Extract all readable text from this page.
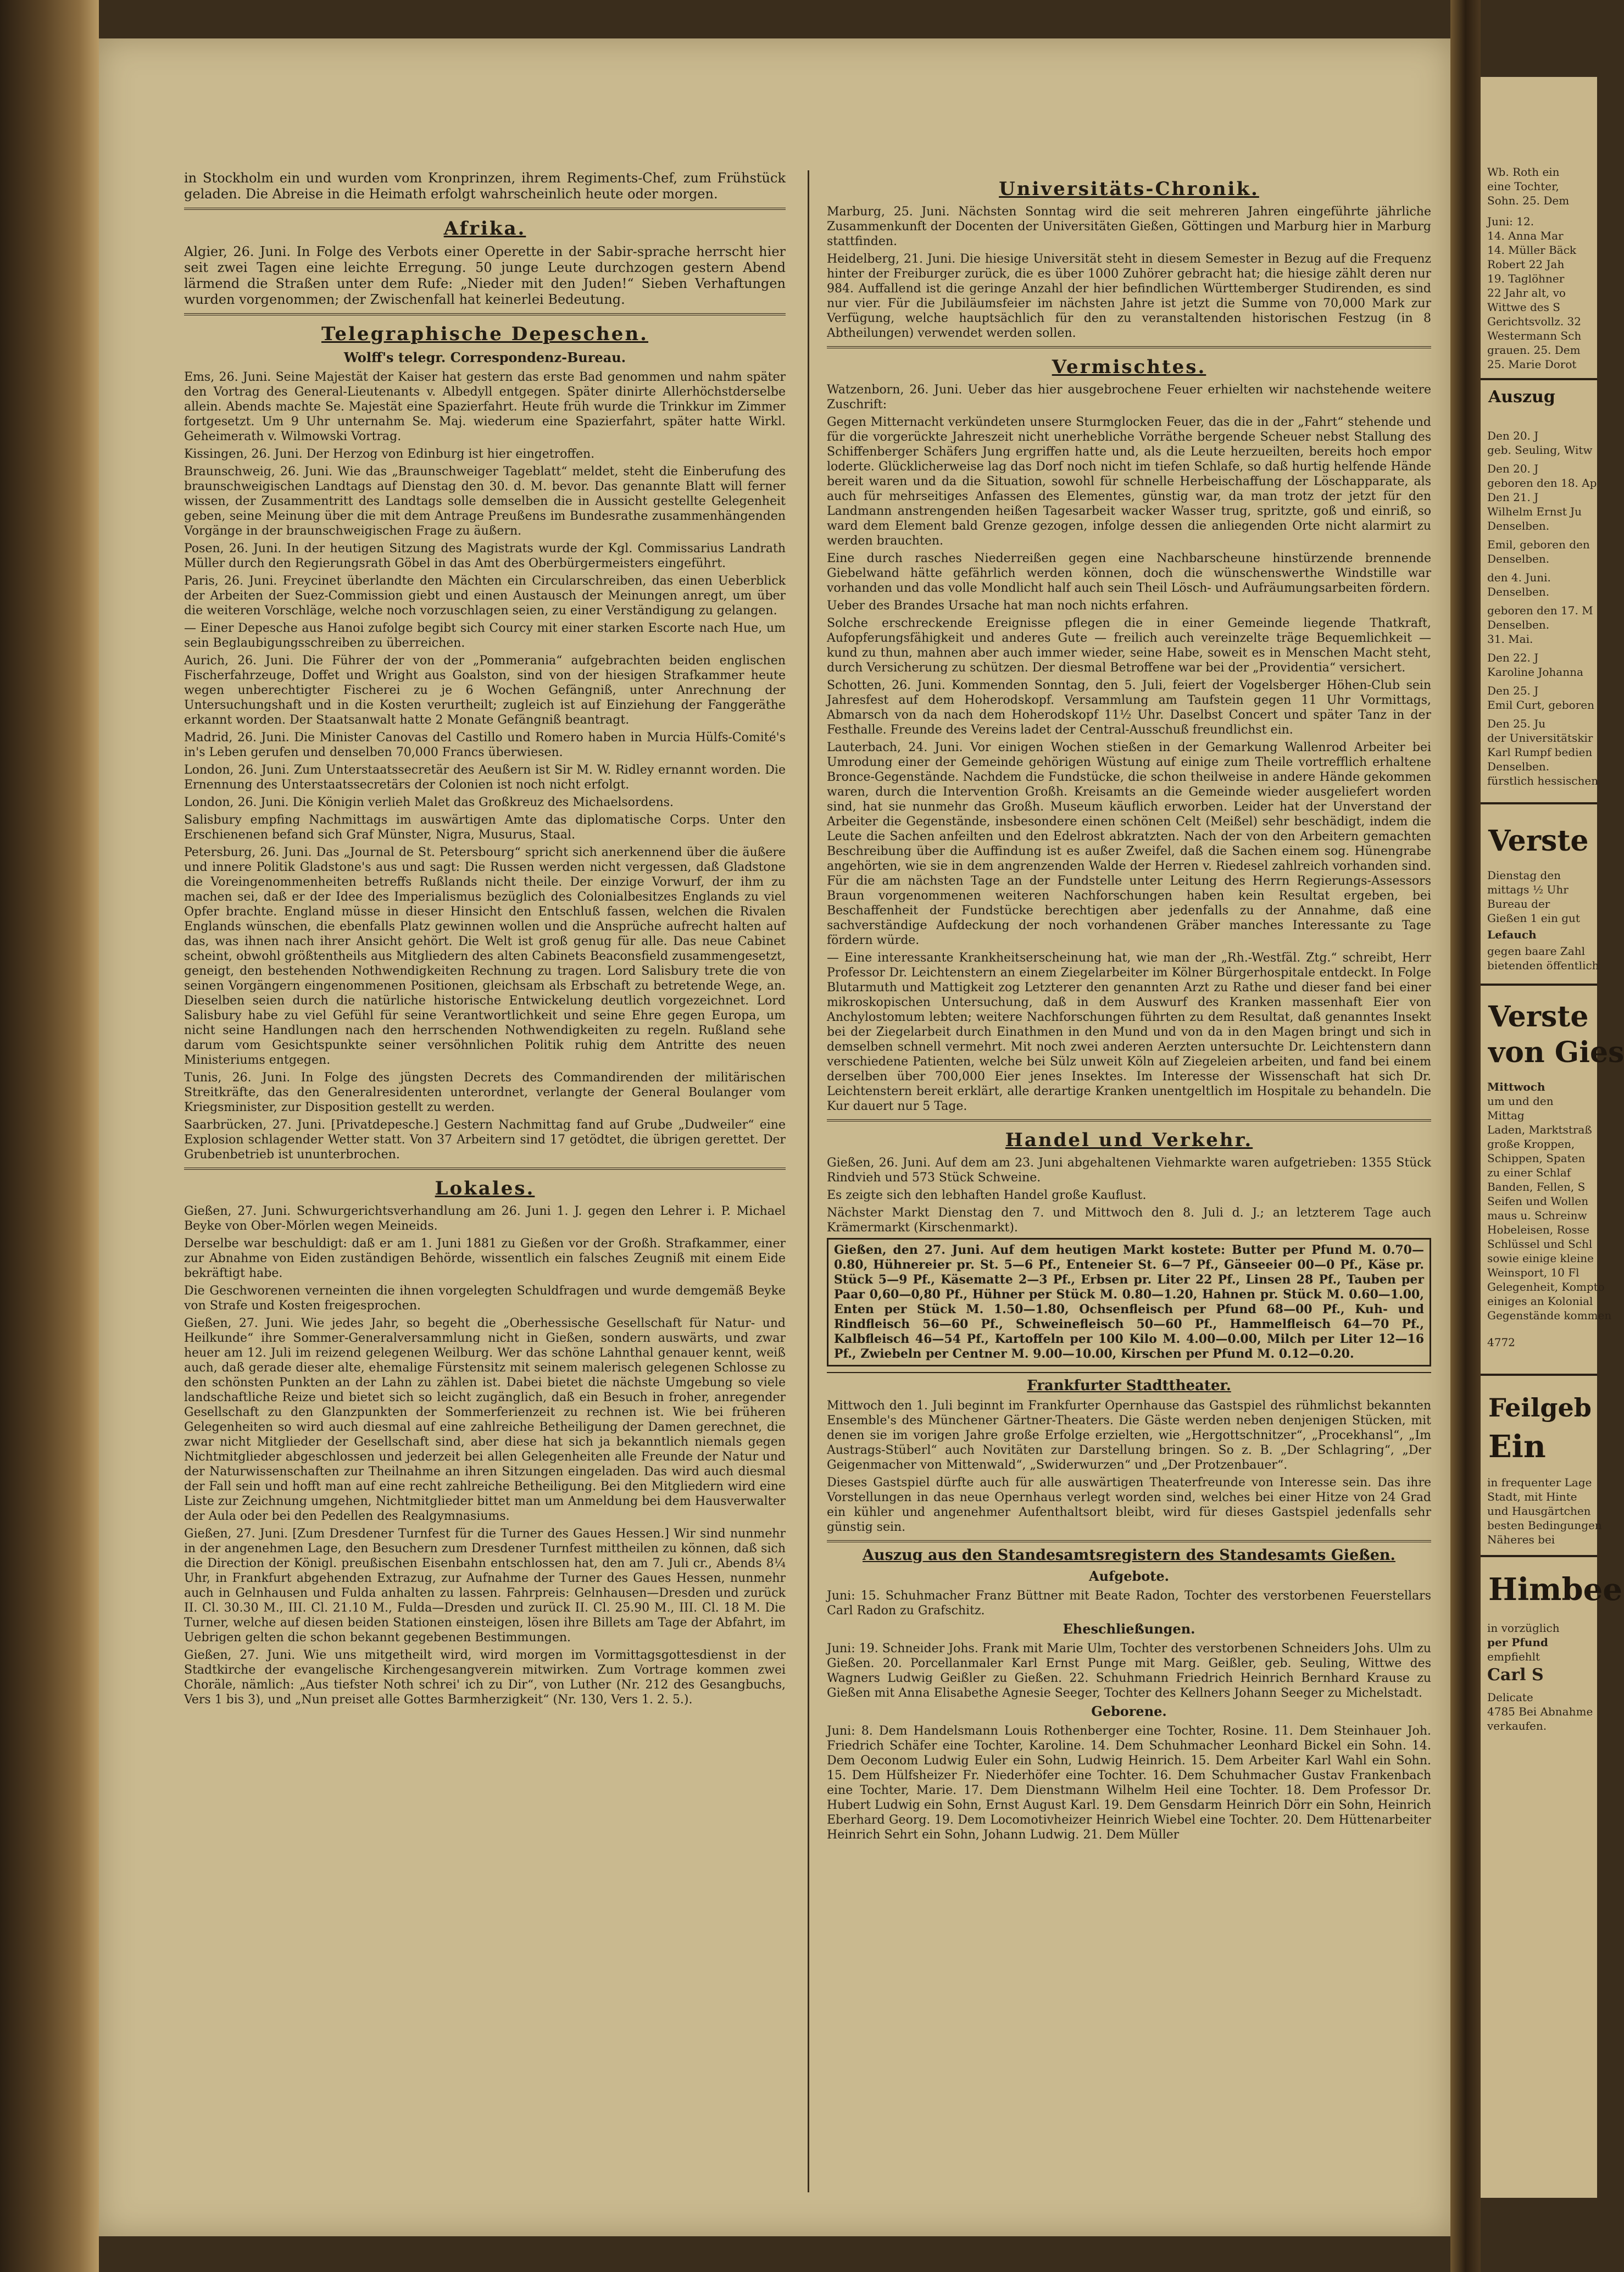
in Stockholm ein und wurden vom Kronprinzen, ihrem Regiments-Chef, zum Frühstück geladen. Die Abreise in die Heimath erfolgt wahrscheinlich heute oder morgen.

Afrika.

Algier, 26. Juni. In Folge des Verbots einer Operette in der Sabir-sprache herrscht hier seit zwei Tagen eine leichte Erregung. 50 junge Leute durchzogen gestern Abend lärmend die Straßen unter dem Rufe: „Nieder mit den Juden!“ Sieben Verhaftungen wurden vorgenommen; der Zwischenfall hat keinerlei Bedeutung.

Telegraphische Depeschen.
Wolff's telegr. Correspondenz-Bureau.

Ems, 26. Juni. Seine Majestät der Kaiser hat gestern das erste Bad genommen und nahm später den Vortrag des General-Lieutenants v. Albedyll entgegen. Später dinirte Allerhöchstderselbe allein. Abends machte Se. Majestät eine Spazierfahrt. Heute früh wurde die Trinkkur im Zimmer fortgesetzt. Um 9 Uhr unternahm Se. Maj. wiederum eine Spazierfahrt, später hatte Wirkl. Geheimerath v. Wilmowski Vortrag.

Kissingen, 26. Juni. Der Herzog von Edinburg ist hier eingetroffen.

Braunschweig, 26. Juni. Wie das „Braunschweiger Tageblatt“ meldet, steht die Einberufung des braunschweigischen Landtags auf Dienstag den 30. d. M. bevor. Das genannte Blatt will ferner wissen, der Zusammentritt des Landtags solle demselben die in Aussicht gestellte Gelegenheit geben, seine Meinung über die mit dem Antrage Preußens im Bundesrathe zusammenhängenden Vorgänge in der braunschweigischen Frage zu äußern.

Posen, 26. Juni. In der heutigen Sitzung des Magistrats wurde der Kgl. Commissarius Landrath Müller durch den Regierungsrath Göbel in das Amt des Oberbürgermeisters eingeführt.

Paris, 26. Juni. Freycinet überlandte den Mächten ein Circularschreiben, das einen Ueberblick der Arbeiten der Suez-Commission giebt und einen Austausch der Meinungen anregt, um über die weiteren Vorschläge, welche noch vorzuschlagen seien, zu einer Verständigung zu gelangen.

— Einer Depesche aus Hanoi zufolge begibt sich Courcy mit einer starken Escorte nach Hue, um sein Beglaubigungsschreiben zu überreichen.

Aurich, 26. Juni. Die Führer der von der „Pommerania“ aufgebrachten beiden englischen Fischerfahrzeuge, Doffet und Wright aus Goalston, sind von der hiesigen Strafkammer heute wegen unberechtigter Fischerei zu je 6 Wochen Gefängniß, unter Anrechnung der Untersuchungshaft und in die Kosten verurtheilt; zugleich ist auf Einziehung der Fanggeräthe erkannt worden. Der Staatsanwalt hatte 2 Monate Gefängniß beantragt.

Madrid, 26. Juni. Die Minister Canovas del Castillo und Romero haben in Murcia Hülfs-Comité's in's Leben gerufen und denselben 70,000 Francs überwiesen.

London, 26. Juni. Zum Unterstaatssecretär des Aeußern ist Sir M. W. Ridley ernannt worden. Die Ernennung des Unterstaatssecretärs der Colonien ist noch nicht erfolgt.

London, 26. Juni. Die Königin verlieh Malet das Großkreuz des Michaelsordens.

Salisbury empfing Nachmittags im auswärtigen Amte das diplomatische Corps. Unter den Erschienenen befand sich Graf Münster, Nigra, Musurus, Staal.

Petersburg, 26. Juni. Das „Journal de St. Petersbourg“ spricht sich anerkennend über die äußere und innere Politik Gladstone's aus und sagt: Die Russen werden nicht vergessen, daß Gladstone die Voreingenommenheiten betreffs Rußlands nicht theile. Der einzige Vorwurf, der ihm zu machen sei, daß er der Idee des Imperialismus bezüglich des Colonialbesitzes Englands zu viel Opfer brachte. England müsse in dieser Hinsicht den Entschluß fassen, welchen die Rivalen Englands wünschen, die ebenfalls Platz gewinnen wollen und die Ansprüche aufrecht halten auf das, was ihnen nach ihrer Ansicht gehört. Die Welt ist groß genug für alle. Das neue Cabinet scheint, obwohl größtentheils aus Mitgliedern des alten Cabinets Beaconsfield zusammengesetzt, geneigt, den bestehenden Nothwendigkeiten Rechnung zu tragen. Lord Salisbury trete die von seinen Vorgängern eingenommenen Positionen, gleichsam als Erbschaft zu betretende Wege, an. Dieselben seien durch die natürliche historische Entwickelung deutlich vorgezeichnet. Lord Salisbury habe zu viel Gefühl für seine Verantwortlichkeit und seine Ehre gegen Europa, um nicht seine Handlungen nach den herrschenden Nothwendigkeiten zu regeln. Rußland sehe darum vom Gesichtspunkte seiner versöhnlichen Politik ruhig dem Antritte des neuen Ministeriums entgegen.

Tunis, 26. Juni. In Folge des jüngsten Decrets des Commandirenden der militärischen Streitkräfte, das den Generalresidenten unterordnet, verlangte der General Boulanger vom Kriegsminister, zur Disposition gestellt zu werden.

Saarbrücken, 27. Juni. [Privatdepesche.] Gestern Nachmittag fand auf Grube „Dudweiler“ eine Explosion schlagender Wetter statt. Von 37 Arbeitern sind 17 getödtet, die übrigen gerettet. Der Grubenbetrieb ist ununterbrochen.

Lokales.

Gießen, 27. Juni. Schwurgerichtsverhandlung am 26. Juni 1. J. gegen den Lehrer i. P. Michael Beyke von Ober-Mörlen wegen Meineids.

Derselbe war beschuldigt: daß er am 1. Juni 1881 zu Gießen vor der Großh. Strafkammer, einer zur Abnahme von Eiden zuständigen Behörde, wissentlich ein falsches Zeugniß mit einem Eide bekräftigt habe.

Die Geschworenen verneinten die ihnen vorgelegten Schuldfragen und wurde demgemäß Beyke von Strafe und Kosten freigesprochen.

Gießen, 27. Juni. Wie jedes Jahr, so begeht die „Oberhessische Gesellschaft für Natur- und Heilkunde“ ihre Sommer-Generalversammlung nicht in Gießen, sondern auswärts, und zwar heuer am 12. Juli im reizend gelegenen Weilburg. Wer das schöne Lahnthal genauer kennt, weiß auch, daß gerade dieser alte, ehemalige Fürstensitz mit seinem malerisch gelegenen Schlosse zu den schönsten Punkten an der Lahn zu zählen ist. Dabei bietet die nächste Umgebung so viele landschaftliche Reize und bietet sich so leicht zugänglich, daß ein Besuch in froher, anregender Gesellschaft zu den Glanzpunkten der Sommerferienzeit zu rechnen ist. Wie bei früheren Gelegenheiten so wird auch diesmal auf eine zahlreiche Betheiligung der Damen gerechnet, die zwar nicht Mitglieder der Gesellschaft sind, aber diese hat sich ja bekanntlich niemals gegen Nichtmitglieder abgeschlossen und jederzeit bei allen Gelegenheiten alle Freunde der Natur und der Naturwissenschaften zur Theilnahme an ihren Sitzungen eingeladen. Das wird auch diesmal der Fall sein und hofft man auf eine recht zahlreiche Betheiligung. Bei den Mitgliedern wird eine Liste zur Zeichnung umgehen, Nichtmitglieder bittet man um Anmeldung bei dem Hausverwalter der Aula oder bei den Pedellen des Realgymnasiums.

Gießen, 27. Juni. [Zum Dresdener Turnfest für die Turner des Gaues Hessen.] Wir sind nunmehr in der angenehmen Lage, den Besuchern zum Dresdener Turnfest mittheilen zu können, daß sich die Direction der Königl. preußischen Eisenbahn entschlossen hat, den am 7. Juli cr., Abends 8¼ Uhr, in Frankfurt abgehenden Extrazug, zur Aufnahme der Turner des Gaues Hessen, nunmehr auch in Gelnhausen und Fulda anhalten zu lassen. Fahrpreis: Gelnhausen—Dresden und zurück II. Cl. 30.30 M., III. Cl. 21.10 M., Fulda—Dresden und zurück II. Cl. 25.90 M., III. Cl. 18 M. Die Turner, welche auf diesen beiden Stationen einsteigen, lösen ihre Billets am Tage der Abfahrt, im Uebrigen gelten die schon bekannt gegebenen Bestimmungen.

Gießen, 27. Juni. Wie uns mitgetheilt wird, wird morgen im Vormittagsgottesdienst in der Stadtkirche der evangelische Kirchengesangverein mitwirken. Zum Vortrage kommen zwei Choräle, nämlich: „Aus tiefster Noth schrei' ich zu Dir“, von Luther (Nr. 212 des Gesangbuchs, Vers 1 bis 3), und „Nun preiset alle Gottes Barmherzigkeit“ (Nr. 130, Vers 1. 2. 5.).

Universitäts-Chronik.

Marburg, 25. Juni. Nächsten Sonntag wird die seit mehreren Jahren eingeführte jährliche Zusammenkunft der Docenten der Universitäten Gießen, Göttingen und Marburg hier in Marburg stattfinden.

Heidelberg, 21. Juni. Die hiesige Universität steht in diesem Semester in Bezug auf die Frequenz hinter der Freiburger zurück, die es über 1000 Zuhörer gebracht hat; die hiesige zählt deren nur 984. Auffallend ist die geringe Anzahl der hier befindlichen Württemberger Studirenden, es sind nur vier. Für die Jubiläumsfeier im nächsten Jahre ist jetzt die Summe von 70,000 Mark zur Verfügung, welche hauptsächlich für den zu veranstaltenden historischen Festzug (in 8 Abtheilungen) verwendet werden sollen.

Vermischtes.

Watzenborn, 26. Juni. Ueber das hier ausgebrochene Feuer erhielten wir nachstehende weitere Zuschrift:

Gegen Mitternacht verkündeten unsere Sturmglocken Feuer, das die in der „Fahrt“ stehende und für die vorgerückte Jahreszeit nicht unerhebliche Vorräthe bergende Scheuer nebst Stallung des Schiffenberger Schäfers Jung ergriffen hatte und, als die Leute herzueilten, bereits hoch empor loderte. Glücklicherweise lag das Dorf noch nicht im tiefen Schlafe, so daß hurtig helfende Hände bereit waren und da die Situation, sowohl für schnelle Herbeischaffung der Löschapparate, als auch für mehrseitiges Anfassen des Elementes, günstig war, da man trotz der jetzt für den Landmann anstrengenden heißen Tagesarbeit wacker Wasser trug, spritzte, goß und einriß, so ward dem Element bald Grenze gezogen, infolge dessen die anliegenden Orte nicht alarmirt zu werden brauchten.

Eine durch rasches Niederreißen gegen eine Nachbarscheune hinstürzende brennende Giebelwand hätte gefährlich werden können, doch die wünschenswerthe Windstille war vorhanden und das volle Mondlicht half auch sein Theil Lösch- und Aufräumungsarbeiten fördern.

Ueber des Brandes Ursache hat man noch nichts erfahren.

Solche erschreckende Ereignisse pflegen die in einer Gemeinde liegende Thatkraft, Aufopferungsfähigkeit und anderes Gute — freilich auch vereinzelte träge Bequemlichkeit — kund zu thun, mahnen aber auch immer wieder, seine Habe, soweit es in Menschen Macht steht, durch Versicherung zu schützen. Der diesmal Betroffene war bei der „Providentia“ versichert.

Schotten, 26. Juni. Kommenden Sonntag, den 5. Juli, feiert der Vogelsberger Höhen-Club sein Jahresfest auf dem Hoherodskopf. Versammlung am Taufstein gegen 11 Uhr Vormittags, Abmarsch von da nach dem Hoherodskopf 11½ Uhr. Daselbst Concert und später Tanz in der Festhalle. Freunde des Vereins ladet der Central-Ausschuß freundlichst ein.

Lauterbach, 24. Juni. Vor einigen Wochen stießen in der Gemarkung Wallenrod Arbeiter bei Umrodung einer der Gemeinde gehörigen Wüstung auf einige zum Theile vortrefflich erhaltene Bronce-Gegenstände. Nachdem die Fundstücke, die schon theilweise in andere Hände gekommen waren, durch die Intervention Großh. Kreisamts an die Gemeinde wieder ausgeliefert worden sind, hat sie nunmehr das Großh. Museum käuflich erworben. Leider hat der Unverstand der Arbeiter die Gegenstände, insbesondere einen schönen Celt (Meißel) sehr beschädigt, indem die Leute die Sachen anfeilten und den Edelrost abkratzten. Nach der von den Arbeitern gemachten Beschreibung über die Auffindung ist es außer Zweifel, daß die Sachen einem sog. Hünengrabe angehörten, wie sie in dem angrenzenden Walde der Herren v. Riedesel zahlreich vorhanden sind. Für die am nächsten Tage an der Fundstelle unter Leitung des Herrn Regierungs-Assessors Braun vorgenommenen weiteren Nachforschungen haben kein Resultat ergeben, bei Beschaffenheit der Fundstücke berechtigen aber jedenfalls zu der Annahme, daß eine sachverständige Aufdeckung der noch vorhandenen Gräber manches Interessante zu Tage fördern würde.

— Eine interessante Krankheitserscheinung hat, wie man der „Rh.-Westfäl. Ztg.“ schreibt, Herr Professor Dr. Leichtenstern an einem Ziegelarbeiter im Kölner Bürgerhospitale entdeckt. In Folge Blutarmuth und Mattigkeit zog Letzterer den genannten Arzt zu Rathe und dieser fand bei einer mikroskopischen Untersuchung, daß in dem Auswurf des Kranken massenhaft Eier von Anchylostomum lebten; weitere Nachforschungen führten zu dem Resultat, daß genanntes Insekt bei der Ziegelarbeit durch Einathmen in den Mund und von da in den Magen bringt und sich in demselben schnell vermehrt. Mit noch zwei anderen Aerzten untersuchte Dr. Leichtenstern dann verschiedene Patienten, welche bei Sülz unweit Köln auf Ziegeleien arbeiten, und fand bei einem derselben über 700,000 Eier jenes Insektes. Im Interesse der Wissenschaft hat sich Dr. Leichtenstern bereit erklärt, alle derartige Kranken unentgeltlich im Hospitale zu behandeln. Die Kur dauert nur 5 Tage.

Handel und Verkehr.

Gießen, 26. Juni. Auf dem am 23. Juni abgehaltenen Viehmarkte waren aufgetrieben: 1355 Stück Rindvieh und 573 Stück Schweine.

Es zeigte sich den lebhaften Handel große Kauflust.

Nächster Markt Dienstag den 7. und Mittwoch den 8. Juli d. J.; an letzterem Tage auch Krämermarkt (Kirschenmarkt).

Gießen, den 27. Juni. Auf dem heutigen Markt kostete: Butter per Pfund M. 0.70—0.80, Hühnereier pr. St. 5—6 Pf., Enteneier St. 6—7 Pf., Gänseeier 00—0 Pf., Käse pr. Stück 5—9 Pf., Käsematte 2—3 Pf., Erbsen pr. Liter 22 Pf., Linsen 28 Pf., Tauben per Paar 0,60—0,80 Pf., Hühner per Stück M. 0.80—1.20, Hahnen pr. Stück M. 0.60—1.00, Enten per Stück M. 1.50—1.80, Ochsenfleisch per Pfund 68—00 Pf., Kuh- und Rindfleisch 56—60 Pf., Schweinefleisch 50—60 Pf., Hammelfleisch 64—70 Pf., Kalbfleisch 46—54 Pf., Kartoffeln per 100 Kilo M. 4.00—0.00, Milch per Liter 12—16 Pf., Zwiebeln per Centner M. 9.00—10.00, Kirschen per Pfund M. 0.12—0.20.

Frankfurter Stadttheater.

Mittwoch den 1. Juli beginnt im Frankfurter Opernhause das Gastspiel des rühmlichst bekannten Ensemble's des Münchener Gärtner-Theaters. Die Gäste werden neben denjenigen Stücken, mit denen sie im vorigen Jahre große Erfolge erzielten, wie „Hergottschnitzer“, „Procekhansl“, „Im Austrags-Stüberl“ auch Novitäten zur Darstellung bringen. So z. B. „Der Schlagring“, „Der Geigenmacher von Mittenwald“, „Swiderwurzen“ und „Der Protzenbauer“.

Dieses Gastspiel dürfte auch für alle auswärtigen Theaterfreunde von Interesse sein. Das ihre Vorstellungen in das neue Opernhaus verlegt worden sind, welches bei einer Hitze von 24 Grad ein kühler und angenehmer Aufenthaltsort bleibt, wird für dieses Gastspiel jedenfalls sehr günstig sein.

Auszug aus den Standesamtsregistern des Standesamts Gießen.
Aufgebote.

Juni: 15. Schuhmacher Franz Büttner mit Beate Radon, Tochter des verstorbenen Feuerstellars Carl Radon zu Grafschitz.

Eheschließungen.

Juni: 19. Schneider Johs. Frank mit Marie Ulm, Tochter des verstorbenen Schneiders Johs. Ulm zu Gießen. 20. Porcellanmaler Karl Ernst Punge mit Marg. Geißler, geb. Seuling, Wittwe des Wagners Ludwig Geißler zu Gießen. 22. Schuhmann Friedrich Heinrich Bernhard Krause zu Gießen mit Anna Elisabethe Agnesie Seeger, Tochter des Kellners Johann Seeger zu Michelstadt.

Geborene.

Juni: 8. Dem Handelsmann Louis Rothenberger eine Tochter, Rosine. 11. Dem Steinhauer Joh. Friedrich Schäfer eine Tochter, Karoline. 14. Dem Schuhmacher Leonhard Bickel ein Sohn. 14. Dem Oeconom Ludwig Euler ein Sohn, Ludwig Heinrich. 15. Dem Arbeiter Karl Wahl ein Sohn. 15. Dem Hülfsheizer Fr. Niederhöfer eine Tochter. 16. Dem Schuhmacher Gustav Frankenbach eine Tochter, Marie. 17. Dem Dienstmann Wilhelm Heil eine Tochter. 18. Dem Professor Dr. Hubert Ludwig ein Sohn, Ernst August Karl. 19. Dem Gensdarm Heinrich Dörr ein Sohn, Heinrich Eberhard Georg. 19. Dem Locomotivheizer Heinrich Wiebel eine Tochter. 20. Dem Hüttenarbeiter Heinrich Sehrt ein Sohn, Johann Ludwig. 21. Dem Müller

Wb. Roth ein
eine Tochter,
Sohn. 25. Dem
Juni: 12.
14. Anna Mar
14. Müller Bäck
Robert 22 Jah
19. Taglöhner
22 Jahr alt, vo
Wittwe des S
Gerichtsvollz. 32
Westermann Sch
grauen. 25. Dem
25. Marie Dorot
Auszug
Den 20. J
geb. Seuling, Witw
Den 20. J
geboren den 18. Ap
Den 21. J
Wilhelm Ernst Ju
Denselben.
Emil, geboren den
Denselben.
den 4. Juni.
Denselben.
geboren den 17. M
Denselben.
31. Mai.
Den 22. J
Karoline Johanna
Den 25. J
Emil Curt, geboren
Den 25. Ju
der Universitätskir
Karl Rumpf bedien
Denselben.
fürstlich hessischen
Verste
Dienstag den
mittags ½ Uhr
Bureau der
Gießen 1 ein gut
Lefauch
gegen baare Zahl
bietenden öffentlich
Verste
von Gies
Mittwoch
um und den
Mittag
Laden, Marktstraß
große Kroppen,
Schippen, Spaten
zu einer Schlaf
Banden, Fellen, S
Seifen und Wollen
maus u. Schreinw
Hobeleisen, Rosse
Schlüssel und Schl
sowie einige kleine
Weinsport, 10 Fl
Gelegenheit, Kompto
einiges an Kolonial
Gegenstände kommen
4772
Feilgeb
Ein
in frequenter Lage
Stadt, mit Hinte
und Hausgärtchen
besten Bedingungen
Näheres bei
Himbee
in vorzüglich
per Pfund
empfiehlt
Carl S
Delicate
4785 Bei Abnahme
verkaufen.
